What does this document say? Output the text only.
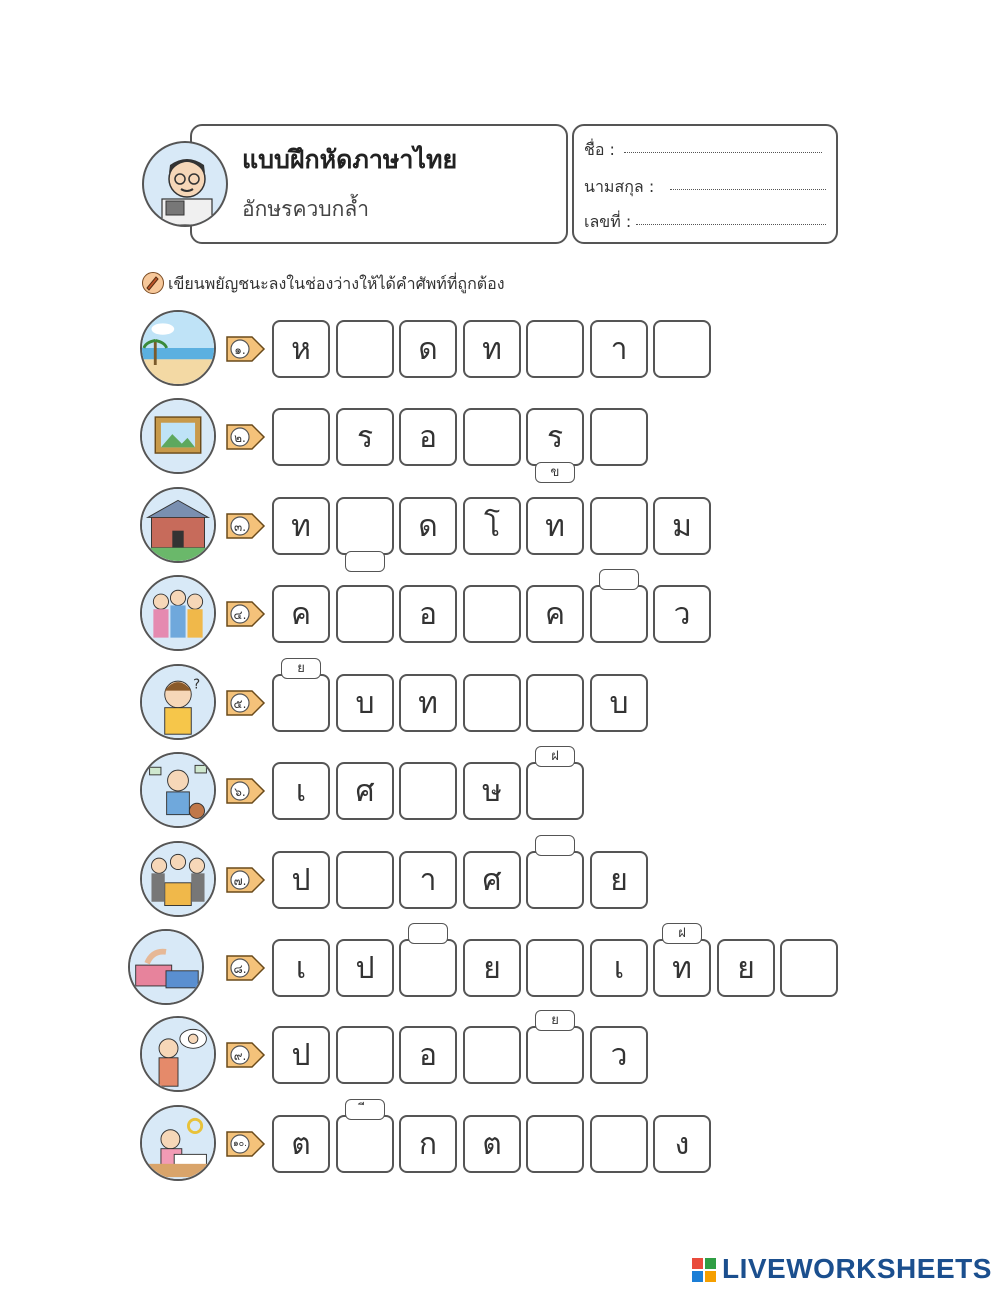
แบบฝึกหัดภาษาไทย
อักษรควบกล้ำ
ชื่อ :
นามสกุล :
เลขที่ :
เขียนพยัญชนะลงในช่องว่างให้ได้คำศัพท์ที่ถูกต้อง
๑.	ห	ด	ท	า
๒.	ร	อ	ร
ข
๓.	ท	ด	โ	ท	ม
๔.	ค	อ	ค	ว
?
๕.	บ	ท	บ
ย
๖.	เ	ศ	ษ
ฝ
๗.	ป	า	ศ	ย
๘.	เ	ป	ย	เ	ท	ย
ฝ
๙.	ป	อ	ว
ย
๑๐.	ต	ก	ต	ง
LIVEWORKSHEETS
